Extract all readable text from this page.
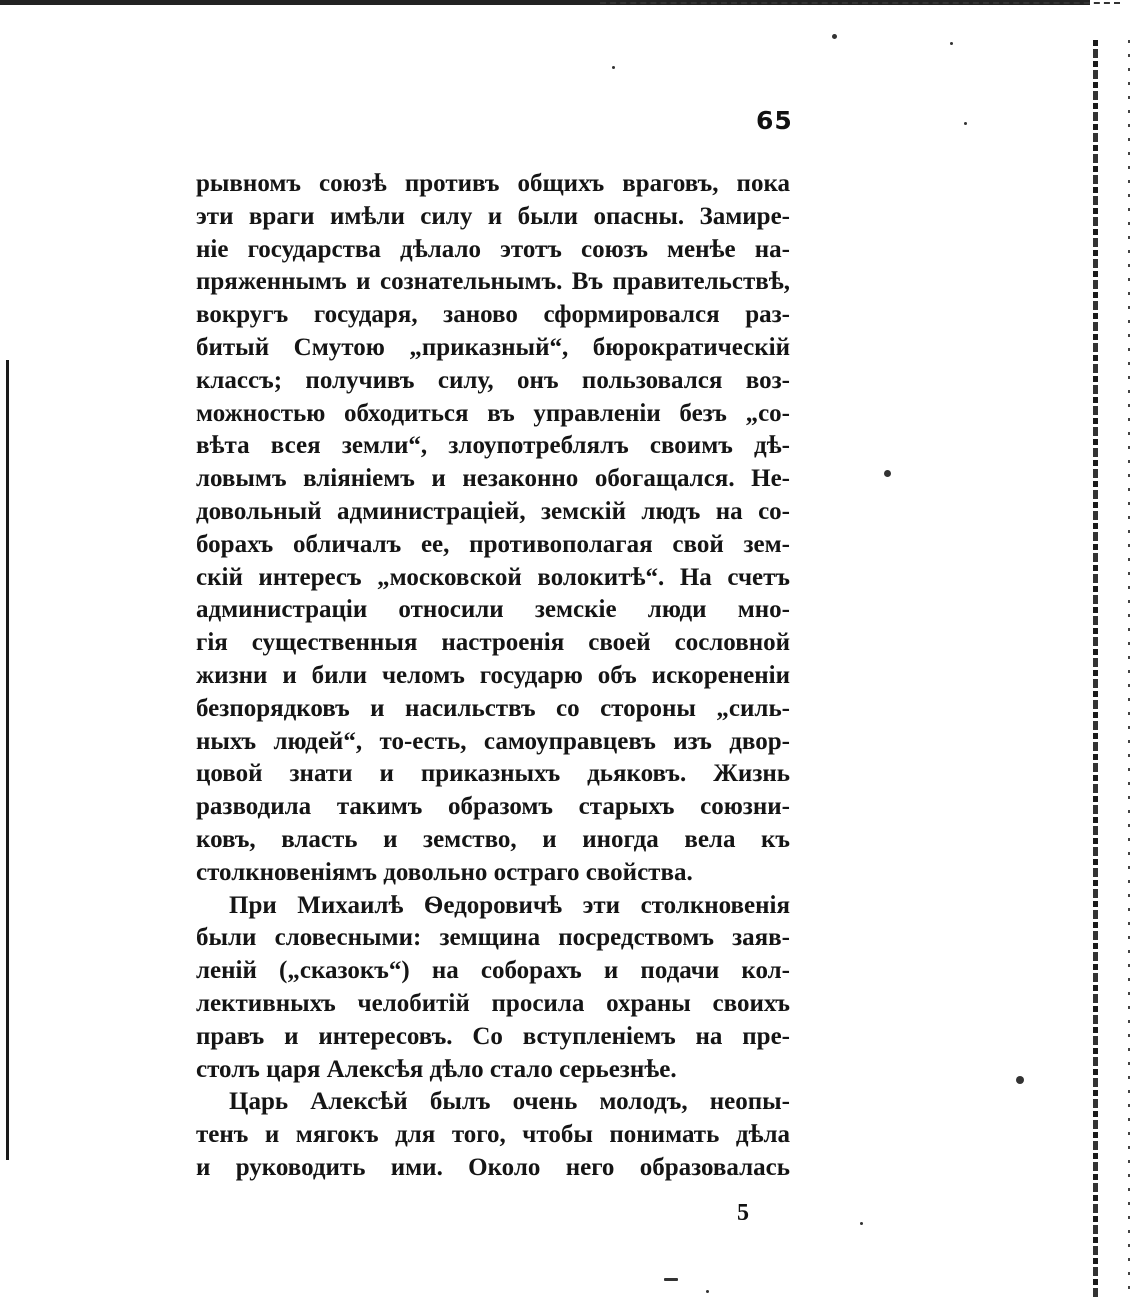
65
рывномъ союзѣ противъ общихъ враговъ, пока
эти враги имѣли силу и были опасны. Замире-
ніе государства дѣлало этотъ союзъ менѣе на-
пряженнымъ и сознательнымъ. Въ правительствѣ,
вокругъ государя, заново сформировался раз-
битый Смутою „приказный“, бюрократическій
классъ; получивъ силу, онъ пользовался воз-
можностью обходиться въ управленіи безъ „со-
вѣта всея земли“, злоупотреблялъ своимъ дѣ-
ловымъ вліяніемъ и незаконно обогащался. Не-
довольный администраціей, земскій людъ на со-
борахъ обличалъ ее, противополагая свой зем-
скій интересъ „московской волокитѣ“. На счетъ
администраціи относили земскіе люди мно-
гія существенныя настроенія своей сословной
жизни и били челомъ государю объ искорененіи
безпорядковъ и насильствъ со стороны „силь-
ныхъ людей“, то-есть, самоуправцевъ изъ двор-
цовой знати и приказныхъ дьяковъ. Жизнь
разводила такимъ образомъ старыхъ союзни-
ковъ, власть и земство, и иногда вела къ
столкновеніямъ довольно остраго свойства.
При Михаилѣ Ѳедоровичѣ эти столкновенія
были словесными: земщина посредствомъ заяв-
леній („сказокъ“) на соборахъ и подачи кол-
лективныхъ челобитій просила охраны своихъ
правъ и интересовъ. Со вступленіемъ на пре-
столъ царя Алексѣя дѣло стало серьезнѣе.
Царь Алексѣй былъ очень молодъ, неопы-
тенъ и мягокъ для того, чтобы понимать дѣла
и руководить ими. Около него образовалась
5
